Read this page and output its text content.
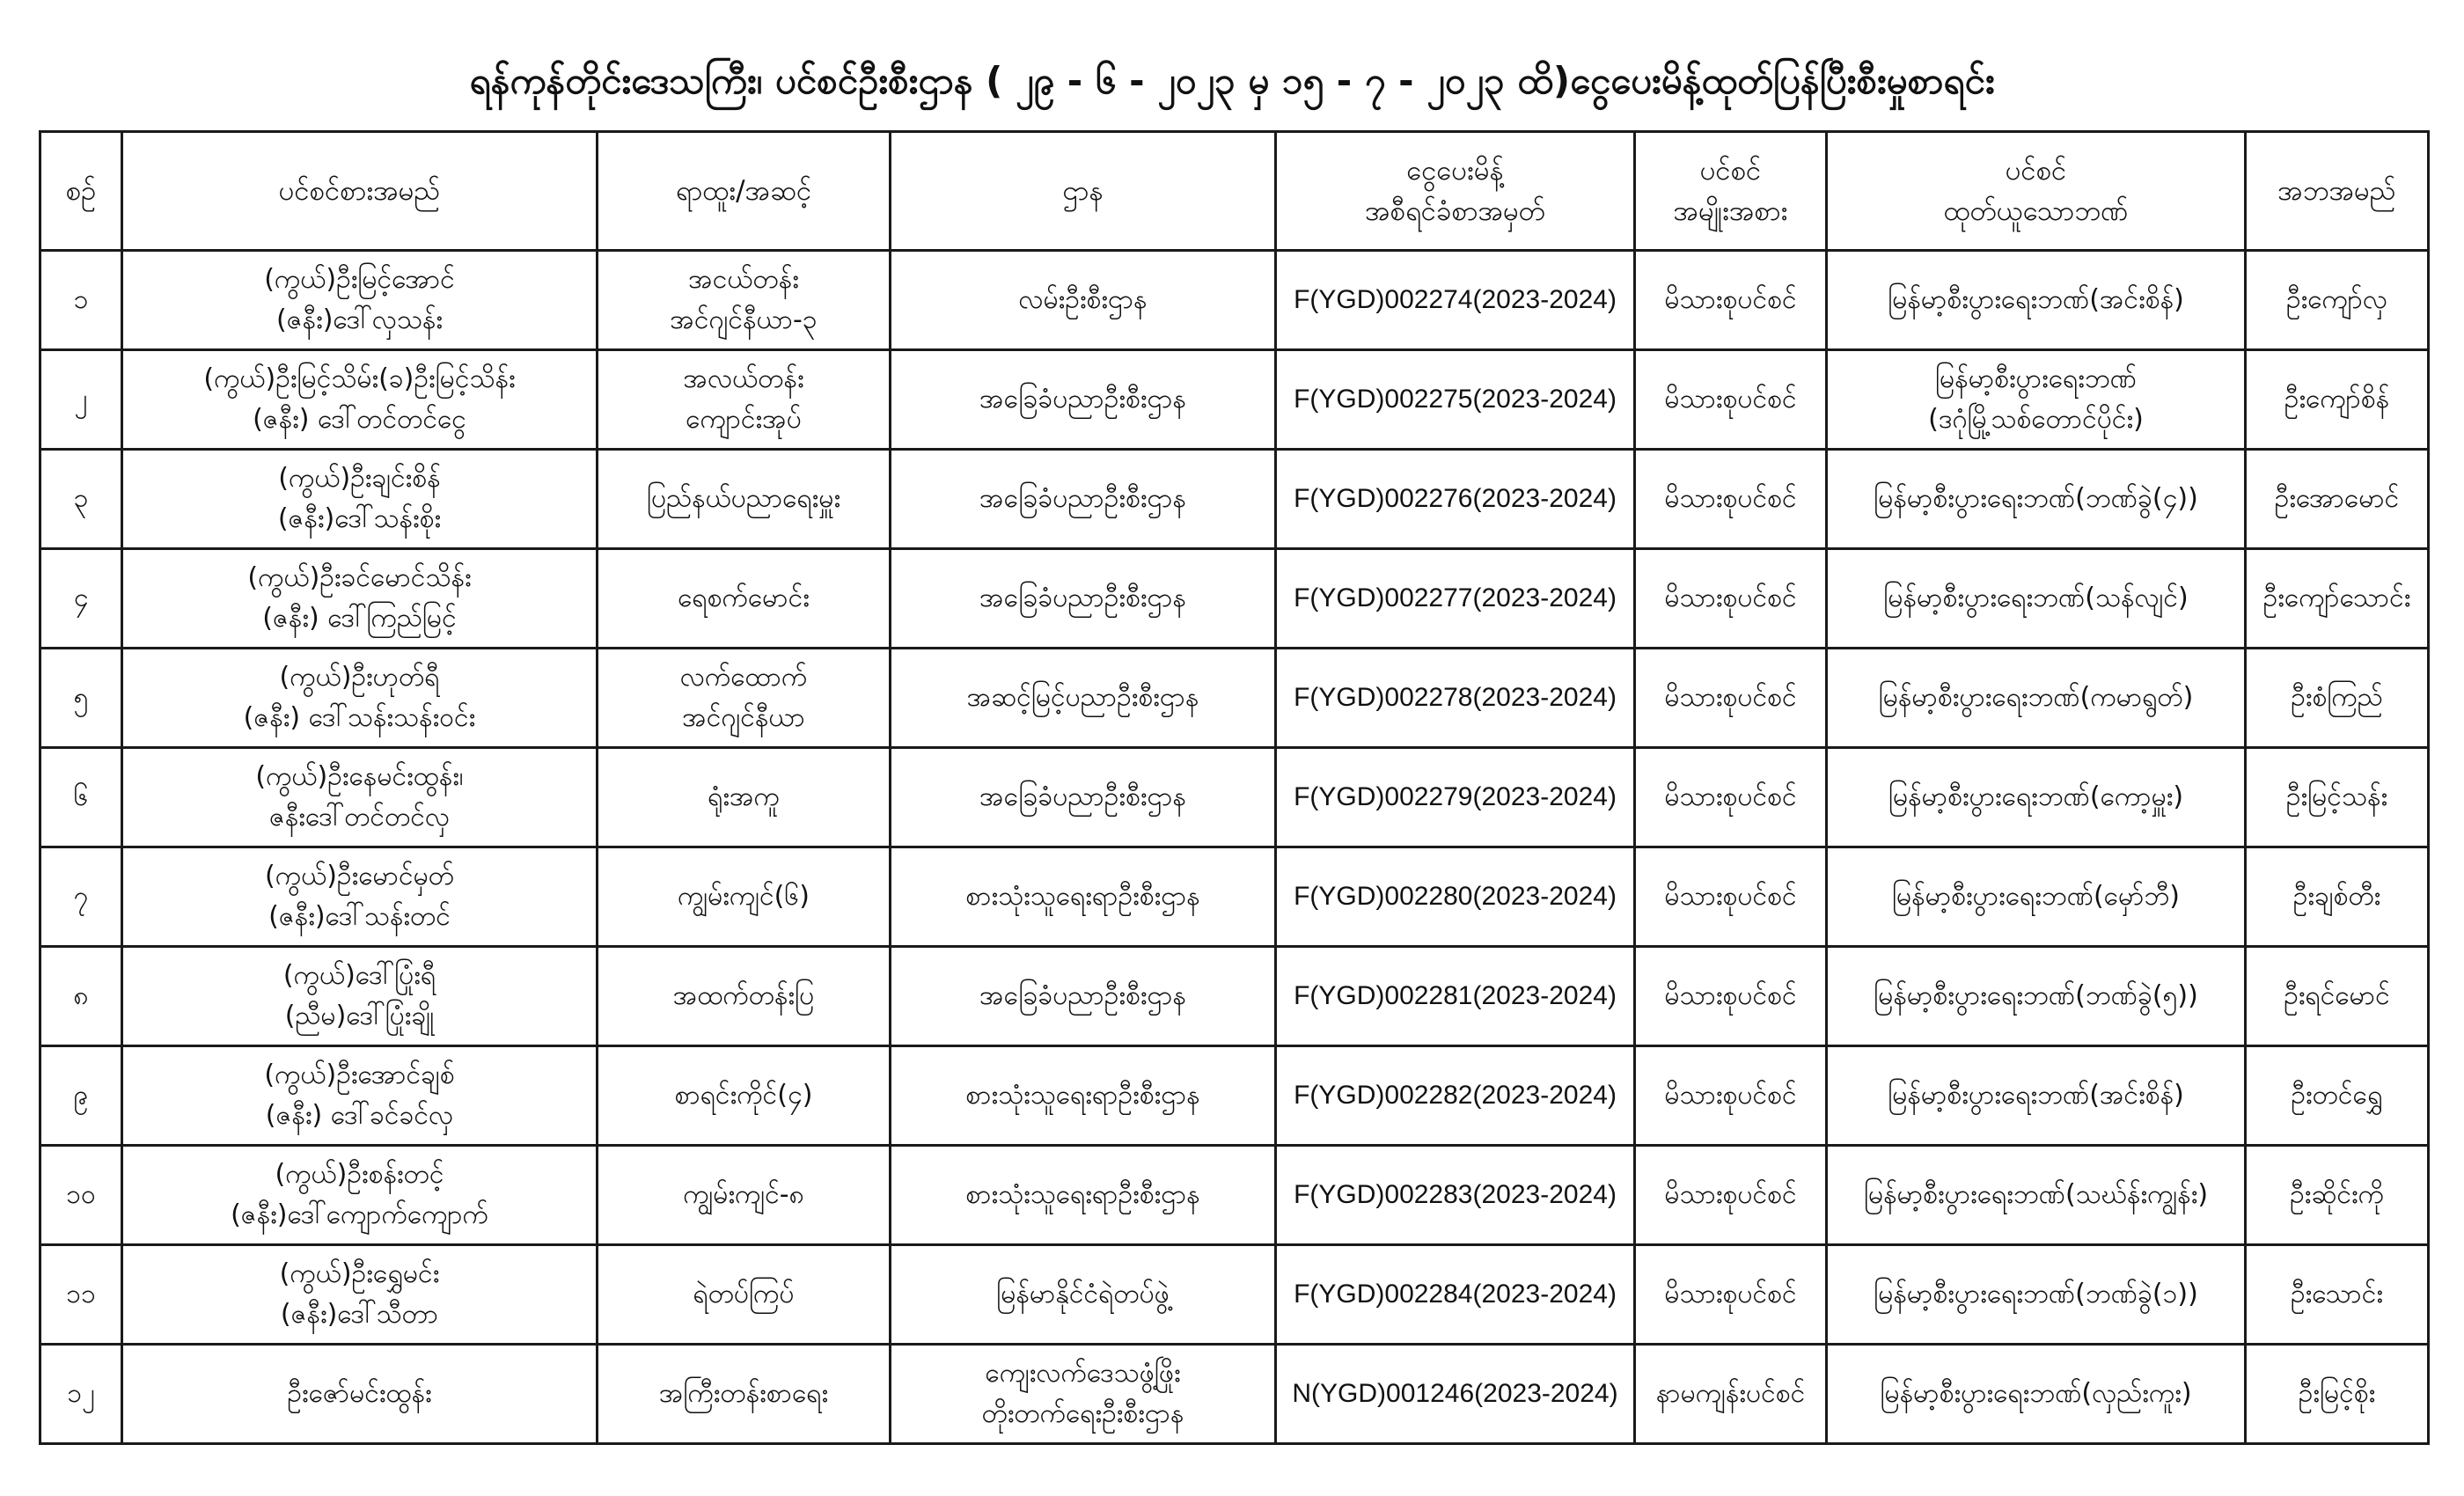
ရန်ကုန်တိုင်းဒေသကြီး၊ ပင်စင်ဦးစီးဌာန ( ၂၉ - ၆ - ၂၀၂၃ မှ ၁၅ - ၇ - ၂၀၂၃ ထိ)ငွေပေးမိန့်ထုတ်ပြန်ပြီးစီးမှုစာရင်း
စဉ်	ပင်စင်စားအမည်	ရာထူး/အဆင့်	ဌာန	ငွေပေးမိန့်
အစီရင်ခံစာအမှတ်	ပင်စင်
အမျိုးအစား	ပင်စင်
ထုတ်ယူသောဘဏ်	အဘအမည်

၁	(ကွယ်)ဦးမြင့်အောင်
(ဇနီး)ဒေါ်လှသန်း	အငယ်တန်း
အင်ဂျင်နီယာ-၃	လမ်းဦးစီးဌာန	F(YGD)002274(2023-2024)	မိသားစုပင်စင်	မြန်မာ့စီးပွားရေးဘဏ်(အင်းစိန်)	ဦးကျော်လှ
၂	(ကွယ်)ဦးမြင့်သိမ်း(ခ)ဦးမြင့်သိန်း
(ဇနီး) ဒေါ်တင်တင်ငွေ	အလယ်တန်း
ကျောင်းအုပ်	အခြေခံပညာဦးစီးဌာန	F(YGD)002275(2023-2024)	မိသားစုပင်စင်	မြန်မာ့စီးပွားရေးဘဏ်
(ဒဂုံမြို့သစ်တောင်ပိုင်း)	ဦးကျော်စိန်
၃	(ကွယ်)ဦးချင်းစိန်
(ဇနီး)ဒေါ်သန်းစိုး	ပြည်နယ်ပညာရေးမှူး	အခြေခံပညာဦးစီးဌာန	F(YGD)002276(2023-2024)	မိသားစုပင်စင်	မြန်မာ့စီးပွားရေးဘဏ်(ဘဏ်ခွဲ(၄))	ဦးအောမောင်
၄	(ကွယ်)ဦးခင်မောင်သိန်း
(ဇနီး) ဒေါ်ကြည်မြင့်	ရေစက်မောင်း	အခြေခံပညာဦးစီးဌာန	F(YGD)002277(2023-2024)	မိသားစုပင်စင်	မြန်မာ့စီးပွားရေးဘဏ်(သန်လျင်)	ဦးကျော်သောင်း
၅	(ကွယ်)ဦးဟုတ်ရီ
(ဇနီး) ဒေါ်သန်းသန်းဝင်း	လက်ထောက်
အင်ဂျင်နီယာ	အဆင့်မြင့်ပညာဦးစီးဌာန	F(YGD)002278(2023-2024)	မိသားစုပင်စင်	မြန်မာ့စီးပွားရေးဘဏ်(ကမာရွတ်)	ဦးစံကြည်
၆	(ကွယ်)ဦးနေမင်းထွန်း၊
ဇနီးဒေါ်တင်တင်လှ	ရုံးအကူ	အခြေခံပညာဦးစီးဌာန	F(YGD)002279(2023-2024)	မိသားစုပင်စင်	မြန်မာ့စီးပွားရေးဘဏ်(ကော့မှူး)	ဦးမြင့်သန်း
၇	(ကွယ်)ဦးမောင်မှတ်
(ဇနီး)ဒေါ်သန်းတင်	ကျွမ်းကျင်(၆)	စားသုံးသူရေးရာဦးစီးဌာန	F(YGD)002280(2023-2024)	မိသားစုပင်စင်	မြန်မာ့စီးပွားရေးဘဏ်(မှော်ဘီ)	ဦးချစ်တီး
၈	(ကွယ်)ဒေါ်ပြုံးရီ
(ညီမ)ဒေါ်ပြုံးချို	အထက်တန်းပြ	အခြေခံပညာဦးစီးဌာန	F(YGD)002281(2023-2024)	မိသားစုပင်စင်	မြန်မာ့စီးပွားရေးဘဏ်(ဘဏ်ခွဲ(၅))	ဦးရင်မောင်
၉	(ကွယ်)ဦးအောင်ချစ်
(ဇနီး) ဒေါ်ခင်ခင်လှ	စာရင်းကိုင်(၄)	စားသုံးသူရေးရာဦးစီးဌာန	F(YGD)002282(2023-2024)	မိသားစုပင်စင်	မြန်မာ့စီးပွားရေးဘဏ်(အင်းစိန်)	ဦးတင်ရွှေ
၁၀	(ကွယ်)ဦးစန်းတင့်
(ဇနီး)ဒေါ်ကျောက်ကျောက်	ကျွမ်းကျင်-၈	စားသုံးသူရေးရာဦးစီးဌာန	F(YGD)002283(2023-2024)	မိသားစုပင်စင်	မြန်မာ့စီးပွားရေးဘဏ်(သဃ်န်းကျွန်း)	ဦးဆိုင်းကို
၁၁	(ကွယ်)ဦးရွှေမင်း
(ဇနီး)ဒေါ်သီတာ	ရဲတပ်ကြပ်	မြန်မာနိုင်ငံရဲတပ်ဖွဲ့	F(YGD)002284(2023-2024)	မိသားစုပင်စင်	မြန်မာ့စီးပွားရေးဘဏ်(ဘဏ်ခွဲ(၁))	ဦးသောင်း
၁၂	ဦးဇော်မင်းထွန်း	အကြီးတန်းစာရေး	ကျေးလက်ဒေသဖွံ့ဖြိုး
တိုးတက်ရေးဦးစီးဌာန	N(YGD)001246(2023-2024)	နာမကျန်းပင်စင်	မြန်မာ့စီးပွားရေးဘဏ်(လှည်းကူး)	ဦးမြင့်စိုး
